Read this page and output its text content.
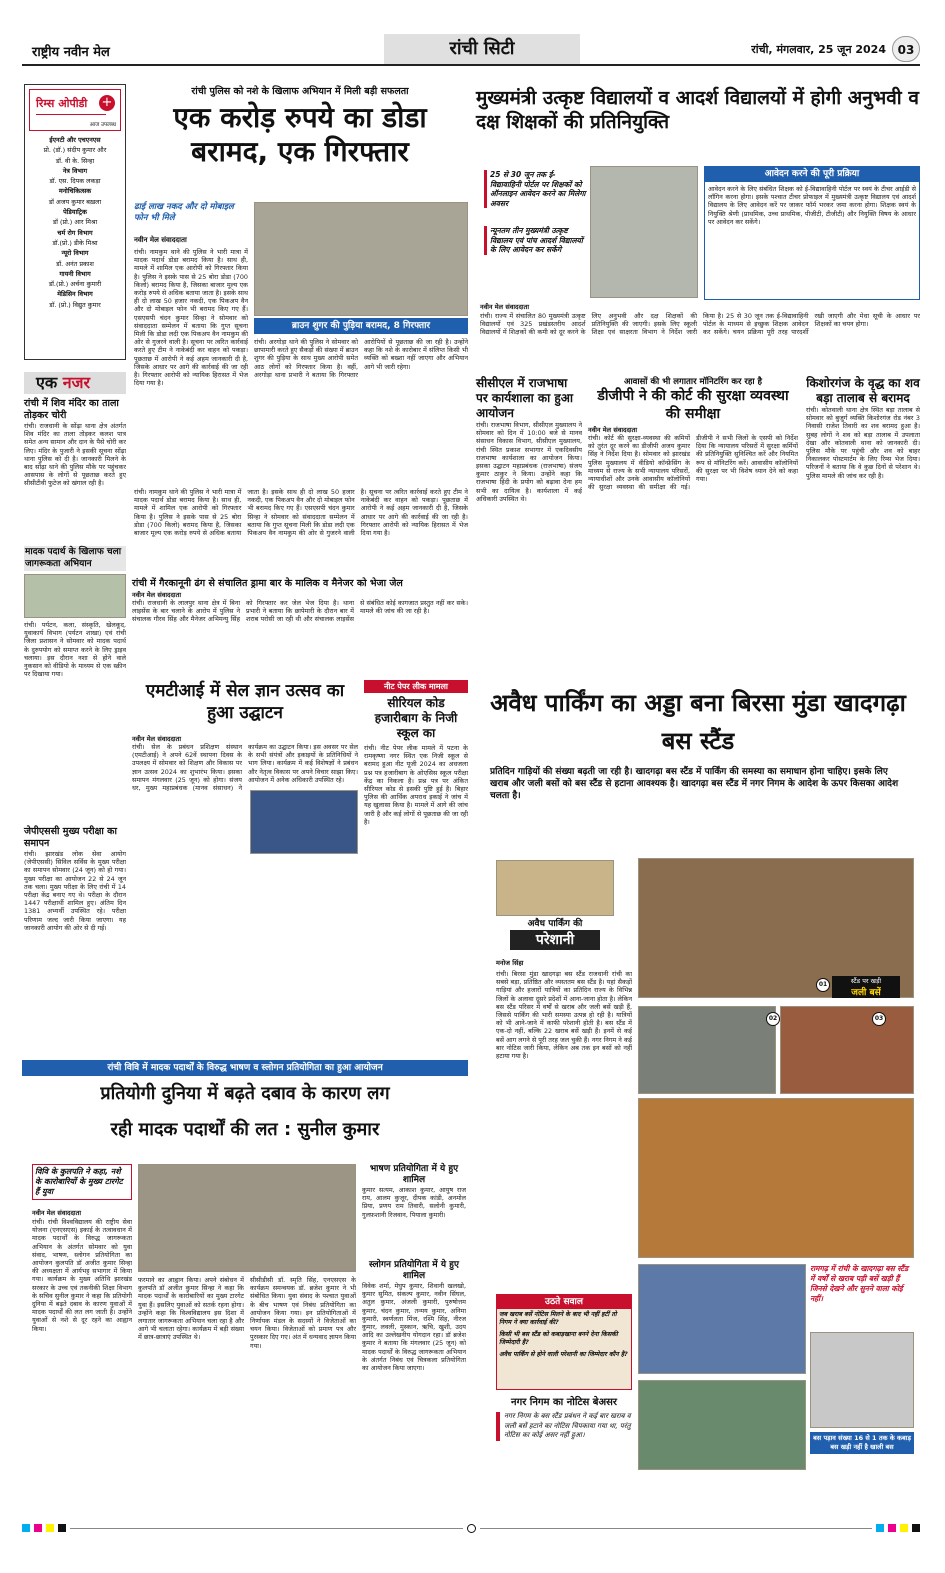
राष्ट्रीय नवीन मेल	रांची सिटी	रांची, मंगलवार, 25 जून 2024 03
रिम्स ओपीडी +
आज उपलब्ध
ईएनटी और एचएनएस
प्रो. (डॉ.) संदीप कुमार और
डॉ. वी के. सिन्हा
नेत्र विभाग
डॉ. एस. दिपक लकड़ा
मनोचिकित्सक
डॉ अजय कुमार बख़ला
पेडियाट्रिक
डॉ (प्रो.) आर मिश्रा
चर्म रोग विभाग
डॉ.(प्रो.) डीके मिश्रा
न्यूरो विभाग
डॉ. अनंत प्रकाश
गायनी विभाग
डॉ.(प्रो.) अर्चना कुमारी
मेडिसिन विभाग
डॉ. (प्रो.) विद्युत कुमार
एक नजर
रांची में शिव मंदिर का ताला तोड़कर चोरी
रांची। राजधानी के सोंढ़ा थाना क्षेत्र अंतर्गत शिव मंदिर का ताला तोड़कर कलश पात्र समेत अन्य सामान और दान के पैसे चोरी कर लिए। मंदिर के पुजारी ने इसकी सूचना सोंढ़ा थाना पुलिस को दी है। जानकारी मिलने के बाद सोंढ़ा थाने की पुलिस मौके पर पहुंचकर आसपास के लोगों से पूछताछ करते हुए सीसीटीवी फुटेज को खंगाल रही है।
मादक पदार्थ के खिलाफ चला जागरूकता अभियान
रांची। पर्यटन, कला, संस्कृति, खेलकूद, युवाकार्य विभाग (पर्यटन शाखा) एवं रांची जिला प्रशासन ने सोमवार को मादक पदार्थ के दुरुपयोग को समाप्त करने के लिए ड्राइव चलाया। इस दौरान नशा से होने वाले नुकसान को वीडियो के माध्यम से एक स्क्रीन पर दिखाया गया।
जेपीएससी मुख्य परीक्षा का समापन
रांची। झारखंड लोक सेवा आयोग (जेपीएससी) सिविल सर्विस के मुख्य परीक्षा का समापन सोमवार (24 जून) को हो गया। मुख्य परीक्षा का आयोजन 22 से 24 जून तक चला। मुख्य परीक्षा के लिए रांची में 14 परीक्षा केंद्र बनाए गए थे। परीक्षा के दौरान 1447 परीक्षार्थी शामिल हुए। अंतिम दिन 1381 अभ्यर्थी उपस्थित रहे। परीक्षा परिणाम जल्द जारी किया जाएगा। यह जानकारी आयोग की ओर से दी गई।
रांची पुलिस को नशे के खिलाफ अभियान में मिली बड़ी सफलता
एक करोड़ रुपये का डोडा बरामद, एक गिरफ्तार
ढाई लाख नकद और दो मोबाइल फोन भी मिले
नवीन मेल संवाददाता
रांची। नामकुम थाने की पुलिस ने भारी मात्रा में मादक पदार्थ डोडा बरामद किया है। साथ ही, मामले में शामिल एक आरोपी को गिरफ्तार किया है। पुलिस ने इसके पास से 25 बोरा डोडा (700 किलो) बरामद किया है, जिसका बाजार मूल्य एक करोड़ रुपये से अधिक बताया जाता है। इसके साथ ही दो लाख 50 हजार नकदी, एक पिकअप वैन और दो मोबाइल फोन भी बरामद किए गए हैं। एसएसपी चंदन कुमार सिन्हा ने सोमवार को संवाददाता सम्मेलन में बताया कि गुप्त सूचना मिली कि डोडा लदी एक पिकअप वैन नामकुम की ओर से गुजरने वाली है। सूचना पर त्वरित कार्रवाई करते हुए टीम ने नाकेबंदी कर वाहन को पकड़ा। पूछताछ में आरोपी ने कई अहम जानकारी दी है, जिसके आधार पर आगे की कार्रवाई की जा रही है। गिरफ्तार आरोपी को न्यायिक हिरासत में भेज दिया गया है।
ब्राउन शुगर की पुड़िया बरामद, 8 गिरफ्तार
रांची। अरगोड़ा थाने की पुलिस ने सोमवार को छापामारी करते हुए सैकड़ों की संख्या में ब्राउन शुगर की पुड़िया के साथ मुख्य आरोपी समेत आठ लोगों को गिरफ्तार किया है। वहीं, अरगोड़ा थाना प्रभारी ने बताया कि गिरफ्तार आरोपियों से पूछताछ की जा रही है। उन्होंने कहा कि नशे के कारोबार में संलिप्त किसी भी व्यक्ति को बख्शा नहीं जाएगा और अभियान आगे भी जारी रहेगा।
रांची। नामकुम थाने की पुलिस ने भारी मात्रा में मादक पदार्थ डोडा बरामद किया है। साथ ही, मामले में शामिल एक आरोपी को गिरफ्तार किया है। पुलिस ने इसके पास से 25 बोरा डोडा (700 किलो) बरामद किया है, जिसका बाजार मूल्य एक करोड़ रुपये से अधिक बताया जाता है। इसके साथ ही दो लाख 50 हजार नकदी, एक पिकअप वैन और दो मोबाइल फोन भी बरामद किए गए हैं। एसएसपी चंदन कुमार सिन्हा ने सोमवार को संवाददाता सम्मेलन में बताया कि गुप्त सूचना मिली कि डोडा लदी एक पिकअप वैन नामकुम की ओर से गुजरने वाली है। सूचना पर त्वरित कार्रवाई करते हुए टीम ने नाकेबंदी कर वाहन को पकड़ा। पूछताछ में आरोपी ने कई अहम जानकारी दी है, जिसके आधार पर आगे की कार्रवाई की जा रही है। गिरफ्तार आरोपी को न्यायिक हिरासत में भेज दिया गया है।
रांची में गैरकानूनी ढंग से संचालित ड्रामा बार के मालिक व मैनेजर को भेजा जेल
नवीन मेल संवाददाता
रांची। राजधानी के लालपुर थाना क्षेत्र में बिना लाइसेंस के बार चलाने के आरोप में पुलिस ने संचालक गौरव सिंह और मैनेजर अभिमन्यु सिंह को गिरफ्तार कर जेल भेज दिया है। थाना प्रभारी ने बताया कि छापेमारी के दौरान बार में शराब परोसी जा रही थी और संचालक लाइसेंस से संबंधित कोई कागजात प्रस्तुत नहीं कर सके। मामले की जांच की जा रही है।
मुख्यमंत्री उत्कृष्ट विद्यालयों व आदर्श विद्यालयों में होगी अनुभवी व दक्ष शिक्षकों की प्रतिनियुक्ति
25 से 30 जून तक ई-विद्यावाहिनी पोर्टल पर शिक्षकों को ऑनलाइन आवेदन करने का मिलेगा अवसर
न्यूनतम तीन मुख्यमंत्री उत्कृष्ट विद्यालय एवं पांच आदर्श विद्यालयों के लिए आवेदन कर सकेंगे
आवेदन करने की पूरी प्रक्रिया
आवेदन करने के लिए संबंधित शिक्षक को ई-विद्यावाहिनी पोर्टल पर स्वयं के टीचर आईडी से लॉगिन करना होगा। इसके पश्चात टीचर प्रोफाइल में मुख्यमंत्री उत्कृष्ट विद्यालय एवं आदर्श विद्यालय के लिए आवेदन करें पर जाकर फॉर्म भरकर जमा करना होगा। शिक्षक स्वयं के नियुक्ति श्रेणी (प्राथमिक, उच्च प्राथमिक, पीजीटी, टीजीटी) और नियुक्ति विषय के आधार पर आवेदन कर सकेंगे।
नवीन मेल संवाददाता
रांची। राज्य में संचालित 80 मुख्यमंत्री उत्कृष्ट विद्यालयों एवं 325 प्रखंडस्तरीय आदर्श विद्यालयों में शिक्षकों की कमी को दूर करने के लिए अनुभवी और दक्ष शिक्षकों की प्रतिनियुक्ति की जाएगी। इसके लिए स्कूली शिक्षा एवं साक्षरता विभाग ने निर्देश जारी किया है। 25 से 30 जून तक ई-विद्यावाहिनी पोर्टल के माध्यम से इच्छुक शिक्षक आवेदन कर सकेंगे। चयन प्रक्रिया पूरी तरह पारदर्शी रखी जाएगी और मेधा सूची के आधार पर शिक्षकों का चयन होगा।
सीसीएल में राजभाषा पर कार्यशाला का हुआ आयोजन
रांची। राजभाषा विभाग, सीसीएल मुख्यालय ने सोमवार को दिन में 10:00 बजे से मानव संसाधन विकास विभाग, सीसीएल मुख्यालय, रांची स्थित प्रकाश सभागार में एकदिवसीय राजभाषा कार्यशाला का आयोजन किया। इसका उद्घाटन महाप्रबंधक (राजभाषा) संजय कुमार ठाकुर ने किया। उन्होंने कहा कि राजभाषा हिंदी के प्रयोग को बढ़ावा देना हम सभी का दायित्व है। कार्यशाला में कई अधिकारी उपस्थित थे।
आवासों की भी लगातार मॉनिटरिंग कर रहा है
डीजीपी ने की कोर्ट की सुरक्षा व्यवस्था की समीक्षा
नवीन मेल संवाददाता
रांची। कोर्ट की सुरक्षा-व्यवस्था की कमियों को तुरंत दूर करने का डीजीपी अजय कुमार सिंह ने निर्देश दिया है। सोमवार को झारखंड पुलिस मुख्यालय में वीडियो कॉन्फ्रेंसिंग के माध्यम से राज्य के सभी न्यायालय परिसरों, न्यायाधीशों और उनके आवासीय कॉलोनियों की सुरक्षा व्यवस्था की समीक्षा की गई। डीजीपी ने सभी जिलों के एसपी को निर्देश दिया कि न्यायालय परिसरों में सुरक्षा कर्मियों की प्रतिनियुक्ति सुनिश्चित करें और नियमित रूप से मॉनिटरिंग करें। आवासीय कॉलोनियों की सुरक्षा पर भी विशेष ध्यान देने को कहा गया।
किशोरगंज के वृद्ध का शव बड़ा तालाब से बरामद
रांची। कोतवाली थाना क्षेत्र स्थित बड़ा तालाब से सोमवार को बुजुर्ग व्यक्ति किशोरगंज रोड नंबर 3 निवासी राजेश तिवारी का शव बरामद हुआ है। सुबह लोगों ने शव को बड़ा तालाब में उपलाता देखा और कोतवाली थाना को जानकारी दी। पुलिस मौके पर पहुंची और शव को बाहर निकालकर पोस्टमार्टम के लिए रिम्स भेज दिया। परिजनों ने बताया कि वे कुछ दिनों से परेशान थे। पुलिस मामले की जांच कर रही है।
एमटीआई में सेल ज्ञान उत्सव का हुआ उद्घाटन
नवीन मेल संवाददाता
रांची। सेल के प्रबंधन प्रशिक्षण संस्थान (एमटीआई) ने अपने 62वें स्थापना दिवस के उपलक्ष्य में सोमवार को शिक्षण और विकास पर ज्ञान उत्सव 2024 का शुभारंभ किया। इसका समापन मंगलवार (25 जून) को होगा। संजय धर, मुख्य महाप्रबंधक (मानव संसाधन) ने कार्यक्रम का उद्घाटन किया। इस अवसर पर सेल के सभी संयंत्रों और इकाइयों के प्रतिनिधियों ने भाग लिया। कार्यक्रम में कई विशेषज्ञों ने प्रबंधन और नेतृत्व विकास पर अपने विचार साझा किए। आयोजन में अनेक अधिकारी उपस्थित रहे।
नीट पेपर लीक मामला
सीरियल कोड हजारीबाग के निजी स्कूल का
रांची। नीट पेपर लीक मामले में पटना के रामकृष्णा नगर स्थित एक निजी स्कूल से बरामद हुआ नीट यूजी 2024 का अधजला प्रश्न पत्र हजारीबाग के ओएसिस स्कूल परीक्षा केंद्र का निकला है। प्रश्न पत्र पर अंकित सीरियल कोड से इसकी पुष्टि हुई है। बिहार पुलिस की आर्थिक अपराध इकाई ने जांच में यह खुलासा किया है। मामले में आगे की जांच जारी है और कई लोगों से पूछताछ की जा रही है।
रांची विवि में मादक पदार्थों के विरुद्ध भाषण व स्लोगन प्रतियोगिता का हुआ आयोजन
प्रतियोगी दुनिया में बढ़ते दबाव के कारण लग
रही मादक पदार्थों की लत : सुनील कुमार
विवि के कुलपति ने कहा, नशे के कारोबारियों के मुख्य टारगेट हैं युवा
नवीन मेल संवाददाता
रांची। रांची विश्वविद्यालय की राष्ट्रीय सेवा योजना (एनएसएस) इकाई के तत्वावधान में मादक पदार्थों के विरुद्ध जागरूकता अभियान के अंतर्गत सोमवार को युवा संवाद, भाषण, स्लोगन प्रतियोगिता का आयोजन कुलपति डॉ अजीत कुमार सिन्हा की अध्यक्षता में आर्यभट्ट सभागार में किया गया। कार्यक्रम के मुख्य अतिथि झारखंड सरकार के उच्च एवं तकनीकी शिक्षा विभाग के सचिव सुनील कुमार ने कहा कि प्रतियोगी दुनिया में बढ़ते दबाव के कारण युवाओं में मादक पदार्थों की लत लग जाती है। उन्होंने युवाओं से नशे से दूर रहने का आह्वान किया।
फरमाने का आह्वान किया। अपने संबोधन में कुलपति डॉ अजीत कुमार सिन्हा ने कहा कि मादक पदार्थों के कारोबारियों का मुख्य टारगेट युवा हैं। इसलिए युवाओं को सतर्क रहना होगा। उन्होंने कहा कि विश्वविद्यालय इस दिशा में लगातार जागरूकता अभियान चला रहा है और आगे भी चलाता रहेगा। कार्यक्रम में बड़ी संख्या में छात्र-छात्राएं उपस्थित थे।
सीसीडीसी डॉ. स्मृति सिंह, एनएसएस के कार्यक्रम समन्वयक डॉ. ब्रजेश कुमार ने भी संबोधित किया। युवा संवाद के पश्चात युवाओं के बीच भाषण एवं निबंध प्रतियोगिता का आयोजन किया गया। इन प्रतियोगिताओं में निर्णायक मंडल के सदस्यों ने विजेताओं का चयन किया। विजेताओं को प्रमाण पत्र और पुरस्कार दिए गए। अंत में धन्यवाद ज्ञापन किया गया।
भाषण प्रतियोगिता में ये हुए शामिल
कुमार सत्यम, आकाश कुमार, आयुष राज राय, आलम कुजूर, दीपक कांडी, अनमोल प्रिया, प्रणय राम तिवारी, सलोनी कुमारी, गुलफ़शानी रिजवान, पियाला कुमारी।
स्लोगन प्रतियोगिता में ये हुए शामिल
विवेक शर्मा, मेघुप कुमार, शिवानी खलखो, कुमार सुमित, संकल्प कुमार, नवीन सिंघल, अतुल कुमार, अंजली कुमारी, पुरुषोत्तम कुमार, चंदन कुमार, तन्मय कुमार, अनिमा कुमारी, स्वर्णलता मिंज, रश्मि सिंह, नीरज कुमार, लवली, मुस्कान, ऋचि, खुशी, उदय आदि का उल्लेखनीय योगदान रहा। डॉ ब्रजेश कुमार ने बताया कि मंगलवार (25 जून) को मादक पदार्थों के विरुद्ध जागरूकता अभियान के अंतर्गत निबंध एवं चित्रकला प्रतियोगिता का आयोजन किया जाएगा।
अवैध पार्किंग का अड्डा बना बिरसा मुंडा खादगढ़ा बस स्टैंड
प्रतिदिन गाड़ियों की संख्या बढ़ती जा रही है। खादगढ़ा बस स्टैंड में पार्किंग की समस्या का समाधान होना चाहिए। इसके लिए खराब और जली बसों को बस स्टैंड से हटाना आवश्यक है। खादगढ़ा बस स्टैंड में नगर निगम के आदेश के ऊपर किसका आदेश चलता है।
अवैध पार्किंग की
परेशानी
मनोज सिंहा
रांची। बिरसा मुंडा खादगढ़ा बस स्टैंड राजधानी रांची का सबसे बड़ा, प्रतिष्ठित और व्यस्ततम बस स्टैंड है। यहां सैकड़ों गाड़ियां और हजारों यात्रियों का प्रतिदिन राज्य के विभिन्न जिलों के अलावा दूसरे प्रदेशों में आना-जाना होता है। लेकिन बस स्टैंड परिसर में वर्षों से खराब और जली बसें खड़ी हैं, जिससे पार्किंग की भारी समस्या उत्पन्न हो रही है। यात्रियों को भी आने-जाने में काफी परेशानी होती है। बस स्टैंड में एक-दो नहीं, बल्कि 22 खराब बसें खड़ी हैं। इनमें से कई बसें आग लगने से पूरी तरह जल चुकी हैं। नगर निगम ने कई बार नोटिस जारी किया, लेकिन अब तक इन बसों को नहीं हटाया गया है।
स्टैंड पर खड़ी
जली बसें
01
02	03
रामगढ़ में रांची के खादगढ़ा बस स्टैंड में वर्षों से खराब पड़ी बसें खड़ी हैं जिनसे देखने और सुनने वाला कोई नहीं।
बस पड़ाव संख्या 16 से 1 तक के कबाड़ बस खड़ी नहीं है खाली बस
उठते सवाल
जब खराब बसें नोटिस मिलने के बाद भी नहीं हटीं तो निगम ने क्या कार्रवाई की?
किसी भी बस स्टैंड को कबाड़खाना बनने देना किसकी जिम्मेदारी है?
अवैध पार्किंग से होने वाली परेशानी का जिम्मेदार कौन है?
नगर निगम का नोटिस बेअसर
नगर निगम के बस स्टैंड प्रबंधन ने कई बार खराब व जली बसें हटाने का नोटिस चिपकाया गया था, परंतु नोटिस का कोई असर नहीं हुआ।
